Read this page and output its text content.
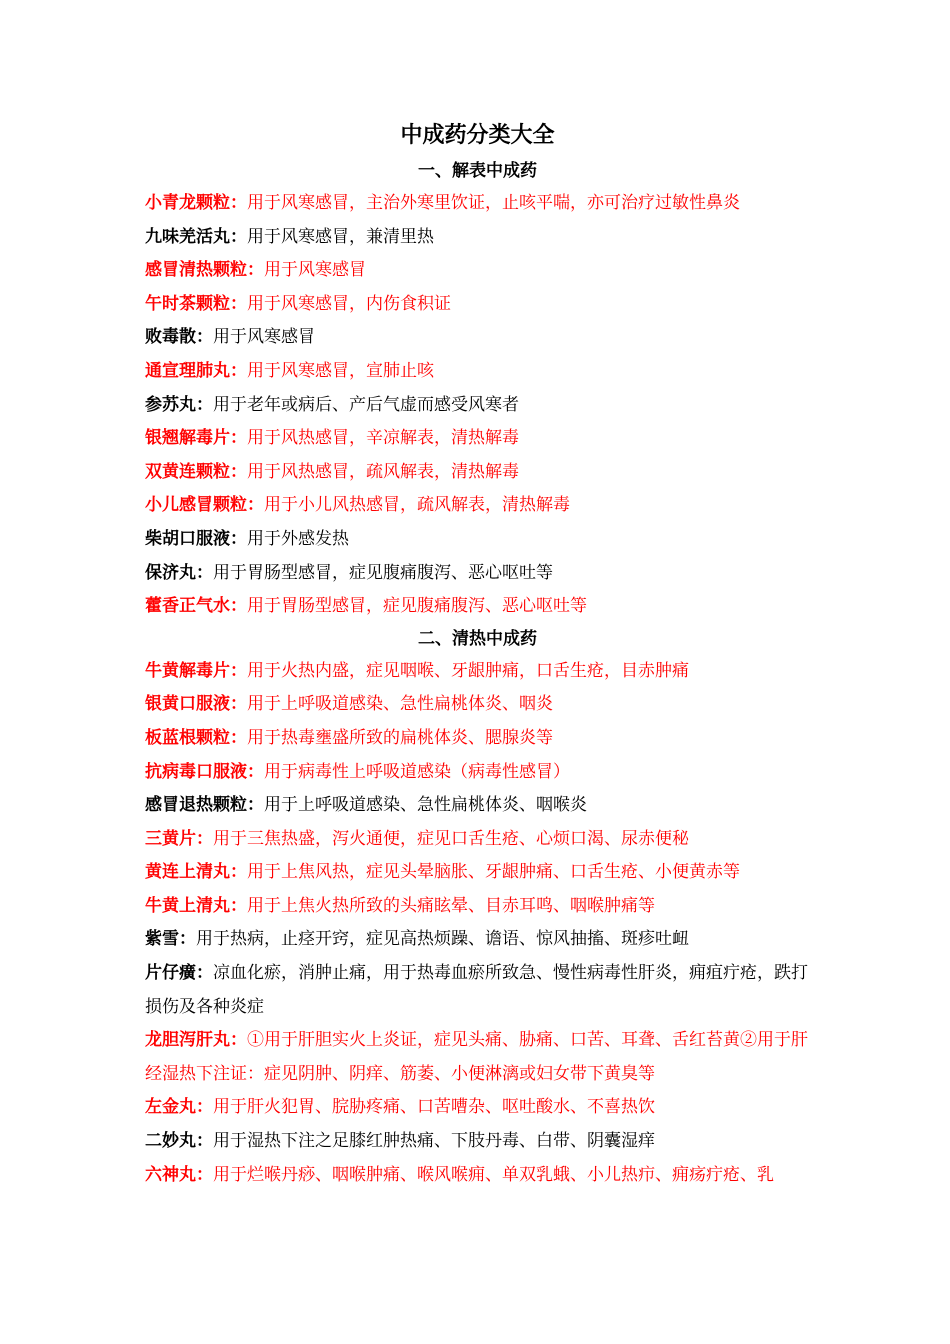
中成药分类大全

一、解表中成药

小青龙颗粒：用于风寒感冒，主治外寒里饮证，止咳平喘，亦可治疗过敏性鼻炎

九味羌活丸：用于风寒感冒，兼清里热

感冒清热颗粒：用于风寒感冒

午时茶颗粒：用于风寒感冒，内伤食积证

败毒散：用于风寒感冒

通宣理肺丸：用于风寒感冒，宣肺止咳

参苏丸：用于老年或病后、产后气虚而感受风寒者

银翘解毒片：用于风热感冒，辛凉解表，清热解毒

双黄连颗粒：用于风热感冒，疏风解表，清热解毒

小儿感冒颗粒：用于小儿风热感冒，疏风解表，清热解毒

柴胡口服液：用于外感发热

保济丸：用于胃肠型感冒，症见腹痛腹泻、恶心呕吐等

藿香正气水：用于胃肠型感冒，症见腹痛腹泻、恶心呕吐等

二、清热中成药

牛黄解毒片：用于火热内盛，症见咽喉、牙龈肿痛，口舌生疮，目赤肿痛

银黄口服液：用于上呼吸道感染、急性扁桃体炎、咽炎

板蓝根颗粒：用于热毒壅盛所致的扁桃体炎、腮腺炎等

抗病毒口服液：用于病毒性上呼吸道感染（病毒性感冒）

感冒退热颗粒：用于上呼吸道感染、急性扁桃体炎、咽喉炎

三黄片：用于三焦热盛，泻火通便，症见口舌生疮、心烦口渴、尿赤便秘

黄连上清丸：用于上焦风热，症见头晕脑胀、牙龈肿痛、口舌生疮、小便黄赤等

牛黄上清丸：用于上焦火热所致的头痛眩晕、目赤耳鸣、咽喉肿痛等

紫雪：用于热病，止痉开窍，症见高热烦躁、谵语、惊风抽搐、斑疹吐衄

片仔癀：凉血化瘀，消肿止痛，用于热毒血瘀所致急、慢性病毒性肝炎，痈疽疔疮，跌打损伤及各种炎症

龙胆泻肝丸：①用于肝胆实火上炎证，症见头痛、胁痛、口苦、耳聋、舌红苔黄②用于肝经湿热下注证：症见阴肿、阴痒、筋萎、小便淋漓或妇女带下黄臭等

左金丸：用于肝火犯胃、脘胁疼痛、口苦嘈杂、呕吐酸水、不喜热饮

二妙丸：用于湿热下注之足膝红肿热痛、下肢丹毒、白带、阴囊湿痒

六神丸：用于烂喉丹痧、咽喉肿痛、喉风喉痈、单双乳蛾、小儿热疖、痈疡疔疮、乳
